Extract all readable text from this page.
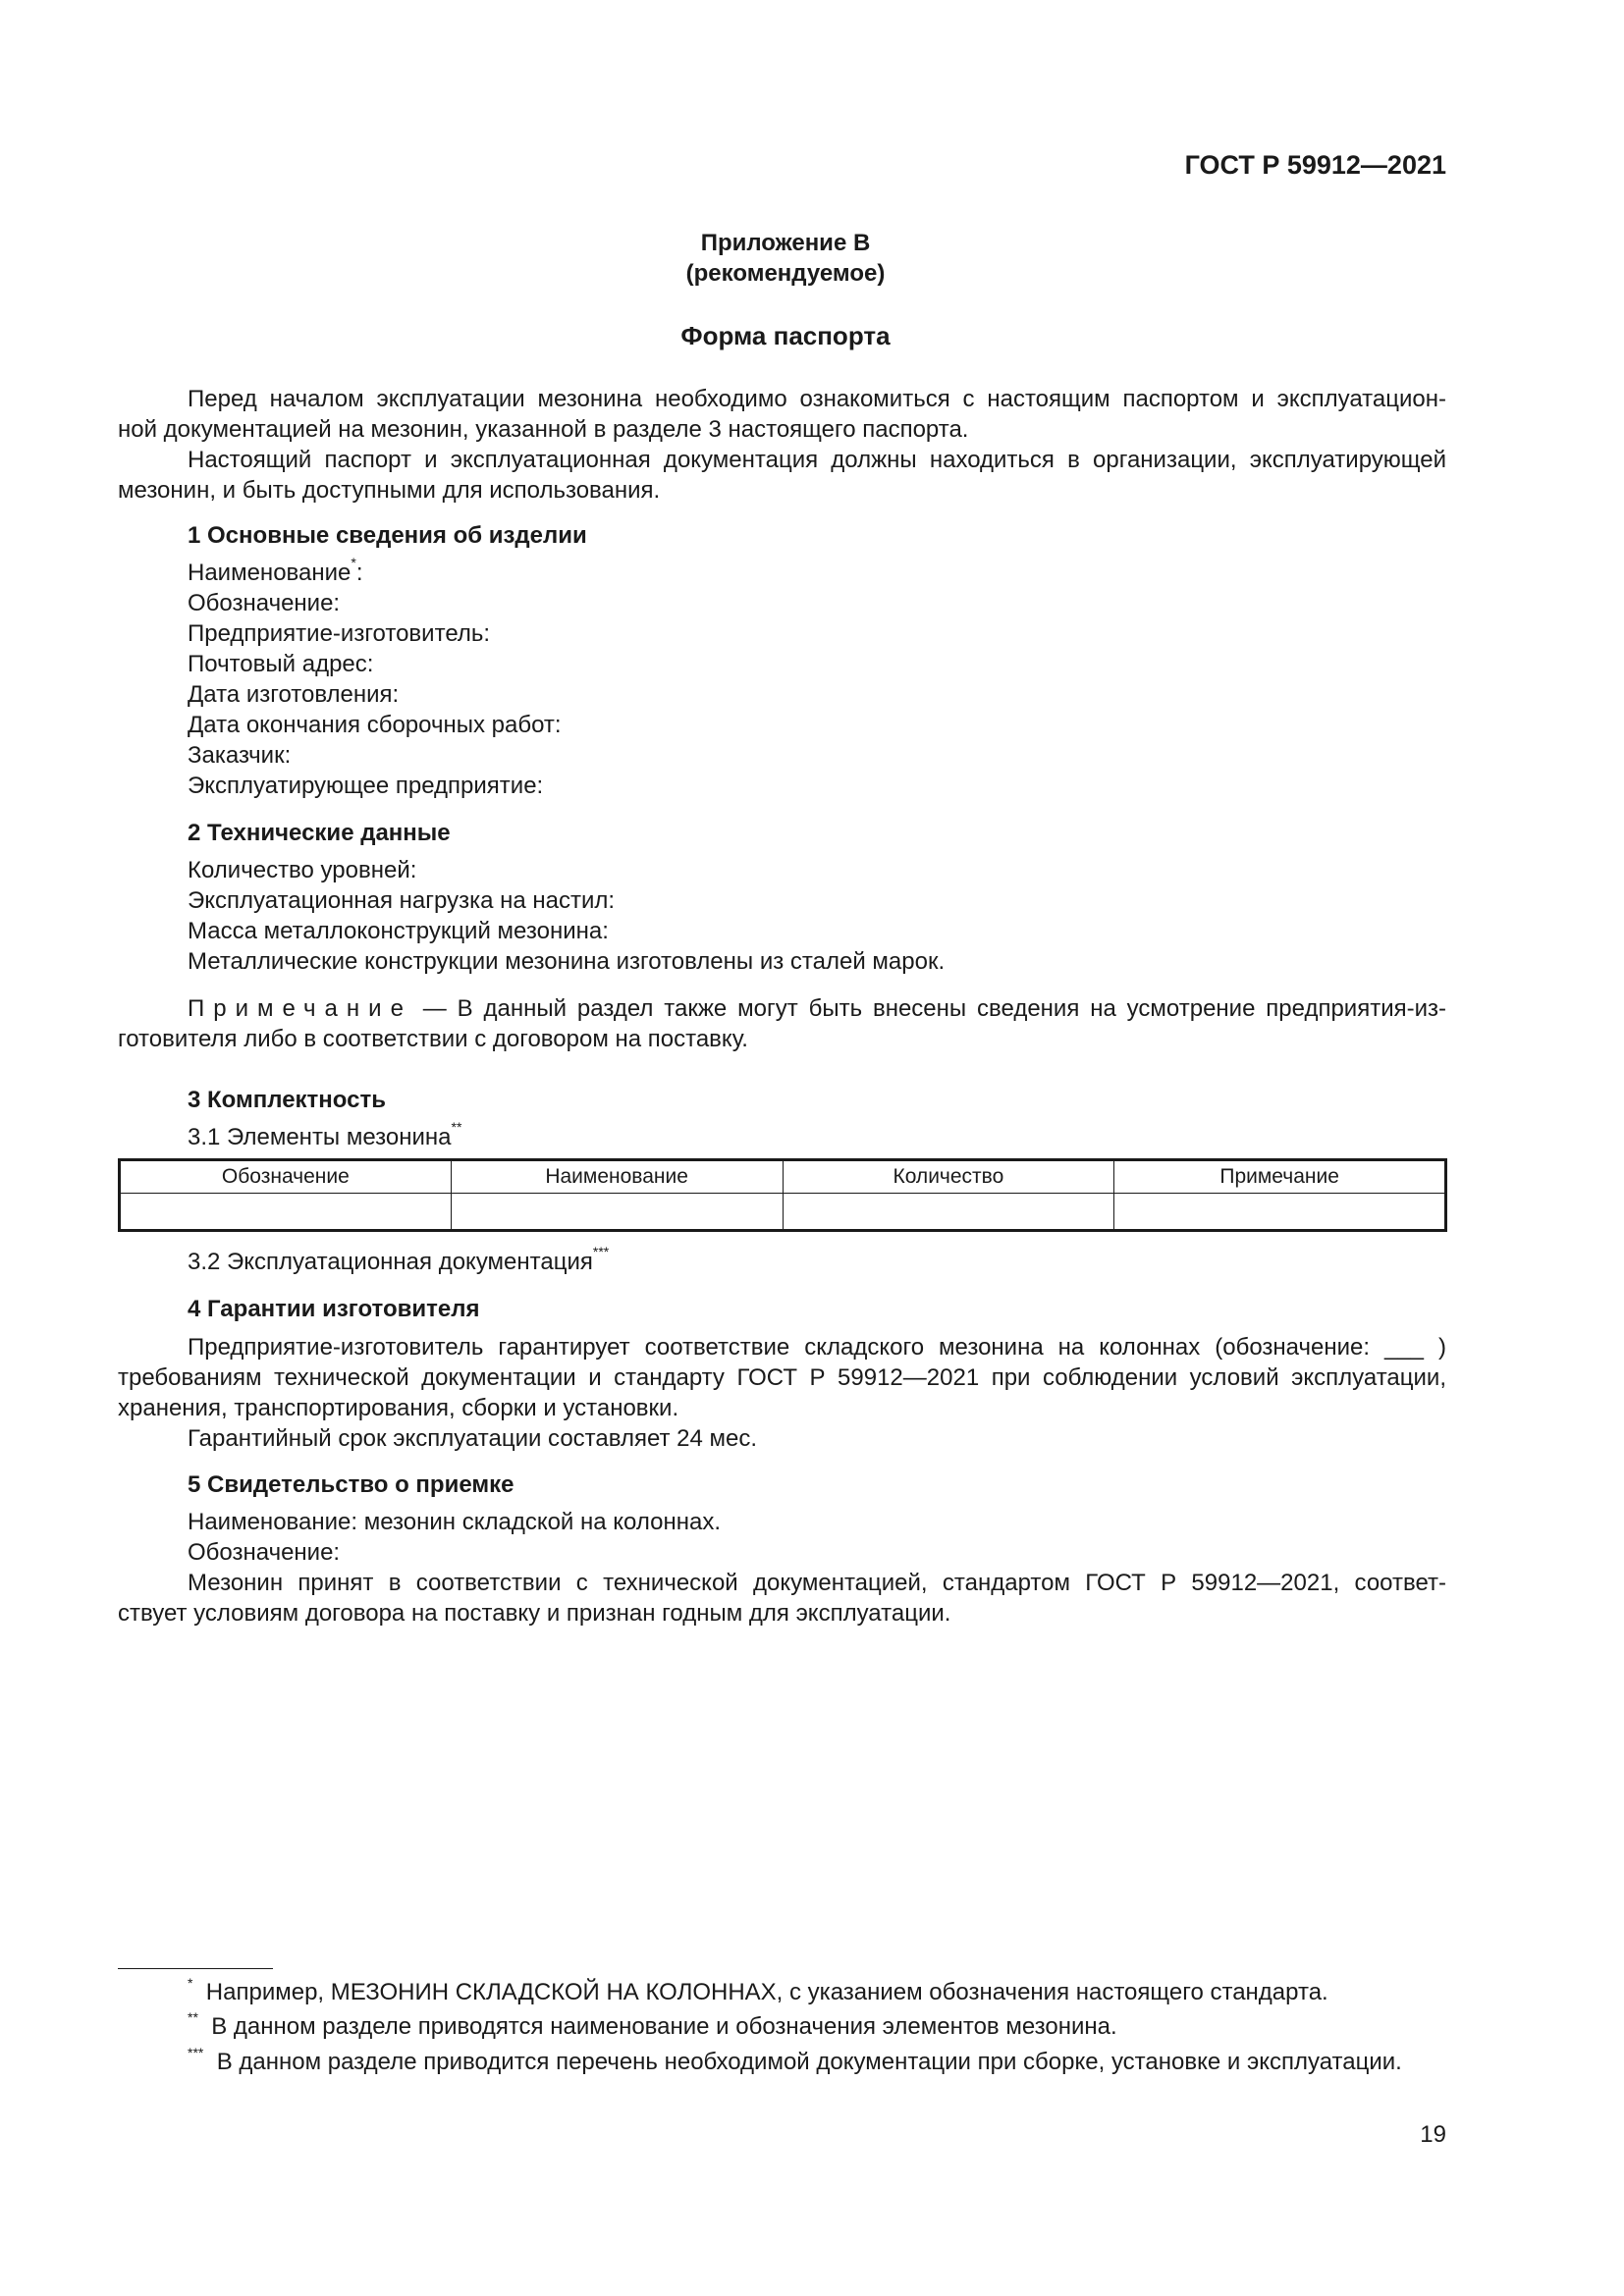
ГОСТ Р 59912—2021
Приложение В
(рекомендуемое)
Форма паспорта

Перед началом эксплуатации мезонина необходимо ознакомиться с настоящим паспортом и эксплуатацион-

ной документацией на мезонин, указанной в разделе 3 настоящего паспорта.

Настоящий паспорт и эксплуатационная документация должны находиться в организации, эксплуатирующей

мезонин, и быть доступными для использования.

1 Основные сведения об изделии
Наименование*:
Обозначение:
Предприятие-изготовитель:
Почтовый адрес:
Дата изготовления:
Дата окончания сборочных работ:
Заказчик:
Эксплуатирующее предприятие:
2 Технические данные
Количество уровней:
Эксплуатационная нагрузка на настил:
Масса металлоконструкций мезонина:
Металлические конструкции мезонина изготовлены из сталей марок.

Примечание — В данный раздел также могут быть внесены сведения на усмотрение предприятия-из-

готовителя либо в соответствии с договором на поставку.

3 Комплектность
3.1 Элементы мезонина**
Обозначение	Наименование	Количество	Примечание

3.2 Эксплуатационная документация***
4 Гарантии изготовителя

Предприятие-изготовитель гарантирует соответствие складского мезонина на колоннах (обозначение: ___ )

требованиям технической документации и стандарту ГОСТ Р 59912—2021 при соблюдении условий эксплуатации,

хранения, транспортирования, сборки и установки.

Гарантийный срок эксплуатации составляет 24 мес.

5 Свидетельство о приемке

Наименование: мезонин складской на колоннах.

Обозначение:

Мезонин принят в соответствии с технической документацией, стандартом ГОСТ Р 59912—2021, соответ-

ствует условиям договора на поставку и признан годным для эксплуатации.

* Например, МЕЗОНИН СКЛАДСКОЙ НА КОЛОННАХ, с указанием обозначения настоящего стандарта.
** В данном разделе приводятся наименование и обозначения элементов мезонина.
*** В данном разделе приводится перечень необходимой документации при сборке, установке и эксплуатации.
19
